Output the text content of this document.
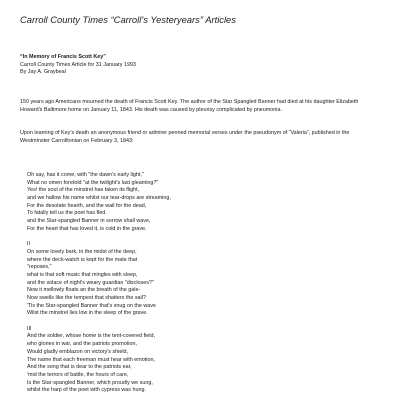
Carroll County Times “Carroll’s Yesteryears” Articles
“In Memory of Francis Scott Key”
Carroll County Times Article for 31 January 1993
By Jay A. Graybeal
150 years ago Americans mourned the death of Francis Scott Key. The author of the Star Spangled Banner had died at his daughter Elizabeth Howard’s Baltimore home on January 11, 1843. His death was caused by pleurisy complicated by pneumonia.
Upon learning of Key’s death an anonymous friend or admirer penned memorial verses under the pseudonym of “Valeria”, published in the Westminster Carrolltonian on February 3, 1843:
Oh say, has it come, with "the dawn's early light,"
What no omen foretold "at the twilight's last gleaming?"
Yes! the soul of the minstrel has taken its flight,
and we hallow his name whilst our tear-drops are streaming,
For the desolate hearth, and the wail for the dead,
To fatally tell us the poet has fled.
and the Star-spangled Banner in sorrow shall wave,
For the heart that has loved it, is cold in the grave.
II
On some lovely bark, in the midst of the deep,
where the deck-watch is kept for the mate that
"reposes,"
what is that soft music that mingles with sleep,
and the solace of night's weary guardian "discloses?"
Now it mellowly floats an the breath of the gale-
Now swells like the tempest that shatters the sail?
'Tis the Star-spangled Banner that's snug on the wave
Wilst the minstrel lies low in the sleep of the grave.
III
And the soldier, whose home is the tent-covered field,
who glories in war, and the patriots promotion,
Would gladly emblazon on victory's shield,
The name that each freeman must hear with emotion,
And the song that is dear to the patriots ear,
'mid the terrors of battle, the hours of care,
Is the Star-spangled Banner, which proudly we sung,
whilst the harp of the poet with cypress was hung.
